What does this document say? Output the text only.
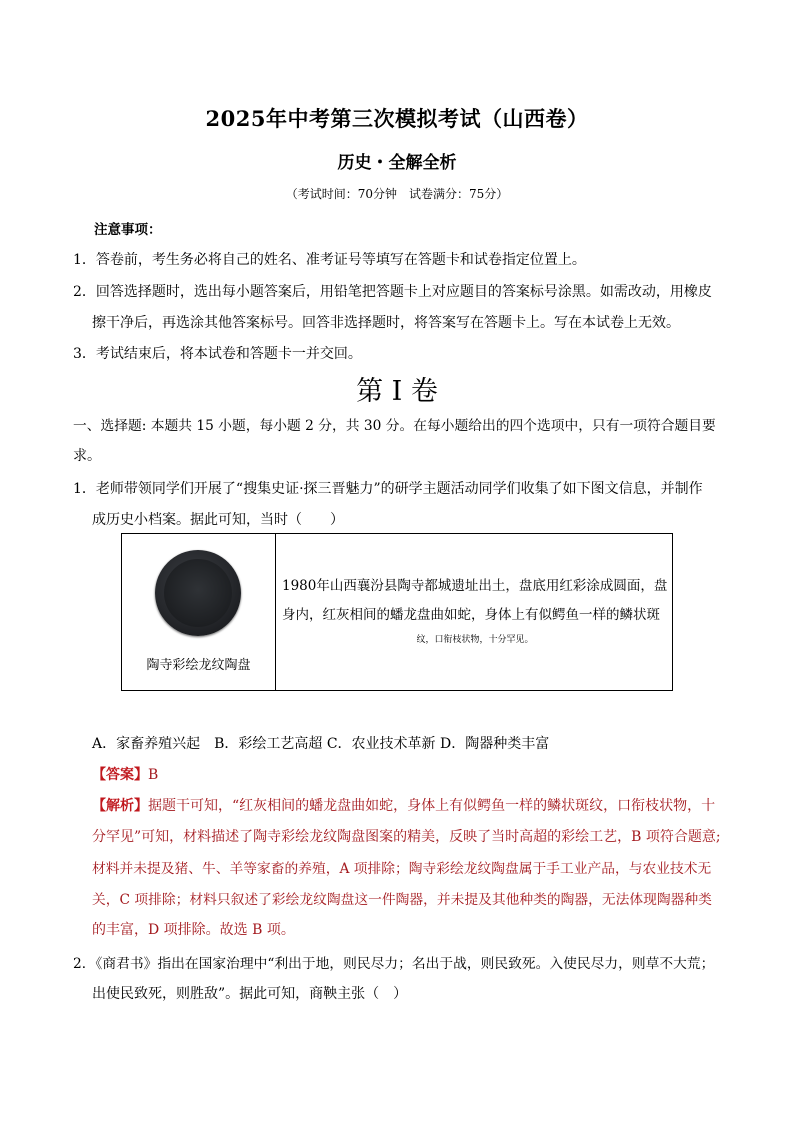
2025年中考第三次模拟考试（山西卷）
历史・全解全析
（考试时间：70分钟　试卷满分：75分）
注意事项：
1．答卷前，考生务必将自己的姓名、准考证号等填写在答题卡和试卷指定位置上。
2．回答选择题时，选出每小题答案后，用铅笔把答题卡上对应题目的答案标号涂黑。如需改动，用橡皮
擦干净后，再选涂其他答案标号。回答非选择题时，将答案写在答题卡上。写在本试卷上无效。
3．考试结束后，将本试卷和答题卡一并交回。
第 I 卷
一、选择题: 本题共 15 小题，每小题 2 分，共 30 分。在每小题给出的四个选项中，只有一项符合题目要
求。
1．老师带领同学们开展了“搜集史证·探三晋魅力”的研学主题活动同学们收集了如下图文信息，并制作
成历史小档案。据此可知，当时（　　）
陶寺彩绘龙纹陶盘
1980年山西襄汾县陶寺都城遗址出土，盘底用红彩涂成圆面，盘
身内，红灰相间的蟠龙盘曲如蛇，身体上有似鳄鱼一样的鳞状斑
纹，口衔枝状物，十分罕见。
A．家畜养殖兴起　B．彩绘工艺高超 C．农业技术革新 D．陶器种类丰富
【答案】B
【解析】据题干可知，“红灰相间的蟠龙盘曲如蛇，身体上有似鳄鱼一样的鳞状斑纹，口衔枝状物，十
分罕见”可知，材料描述了陶寺彩绘龙纹陶盘图案的精美，反映了当时高超的彩绘工艺，B 项符合题意;
材料并未提及猪、牛、羊等家畜的养殖，A 项排除；陶寺彩绘龙纹陶盘属于手工业产品，与农业技术无
关，C 项排除；材料只叙述了彩绘龙纹陶盘这一件陶器，并未提及其他种类的陶器，无法体现陶器种类
的丰富，D 项排除。故选 B 项。
2．《商君书》指出在国家治理中“利出于地，则民尽力；名出于战，则民致死。入使民尽力，则草不大荒；
出使民致死，则胜敌”。据此可知，商鞅主张（　）
